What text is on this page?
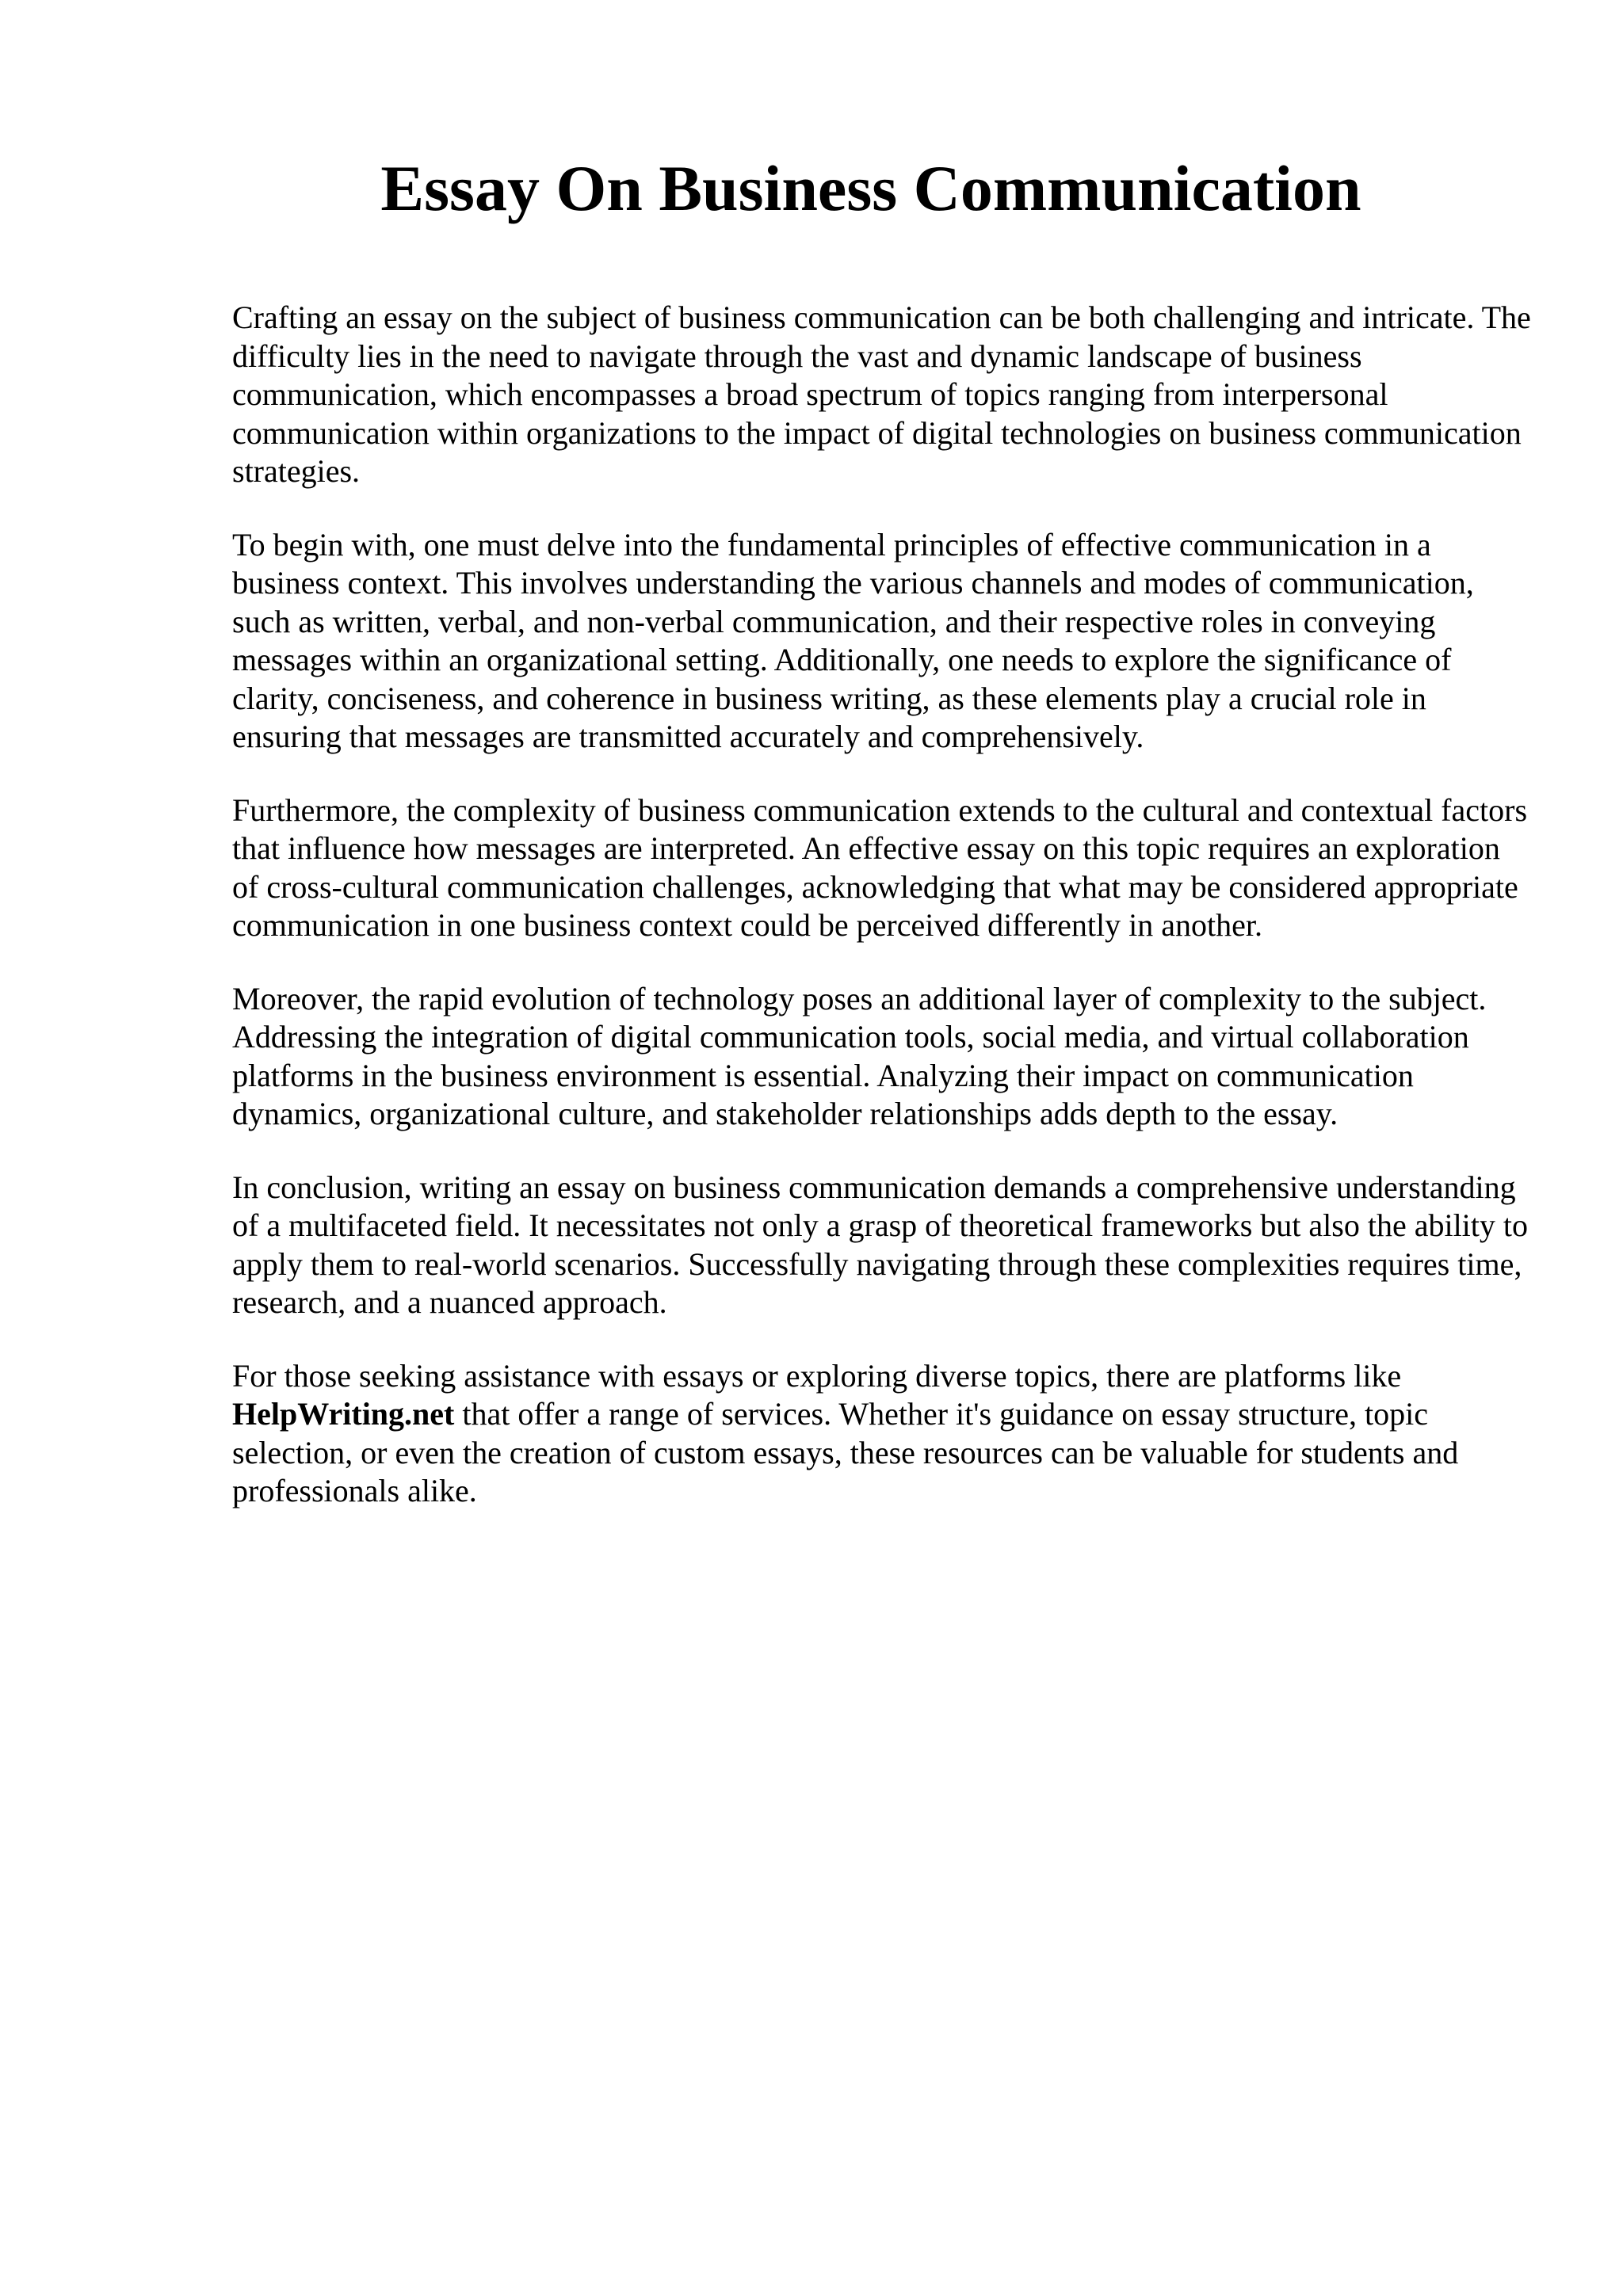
Essay On Business Communication

Crafting an essay on the subject of business communication can be both challenging and intricate. The difficulty lies in the need to navigate through the vast and dynamic landscape of business communication, which encompasses a broad spectrum of topics ranging from interpersonal communication within organizations to the impact of digital technologies on business communication strategies.

To begin with, one must delve into the fundamental principles of effective communication in a business context. This involves understanding the various channels and modes of communication, such as written, verbal, and non-verbal communication, and their respective roles in conveying messages within an organizational setting. Additionally, one needs to explore the significance of clarity, conciseness, and coherence in business writing, as these elements play a crucial role in ensuring that messages are transmitted accurately and comprehensively.

Furthermore, the complexity of business communication extends to the cultural and contextual factors that influence how messages are interpreted. An effective essay on this topic requires an exploration of cross-cultural communication challenges, acknowledging that what may be considered appropriate communication in one business context could be perceived differently in another.

Moreover, the rapid evolution of technology poses an additional layer of complexity to the subject. Addressing the integration of digital communication tools, social media, and virtual collaboration platforms in the business environment is essential. Analyzing their impact on communication dynamics, organizational culture, and stakeholder relationships adds depth to the essay.

In conclusion, writing an essay on business communication demands a comprehensive understanding of a multifaceted field. It necessitates not only a grasp of theoretical frameworks but also the ability to apply them to real-world scenarios. Successfully navigating through these complexities requires time, research, and a nuanced approach.

For those seeking assistance with essays or exploring diverse topics, there are platforms like HelpWriting.net that offer a range of services. Whether it's guidance on essay structure, topic selection, or even the creation of custom essays, these resources can be valuable for students and professionals alike.
